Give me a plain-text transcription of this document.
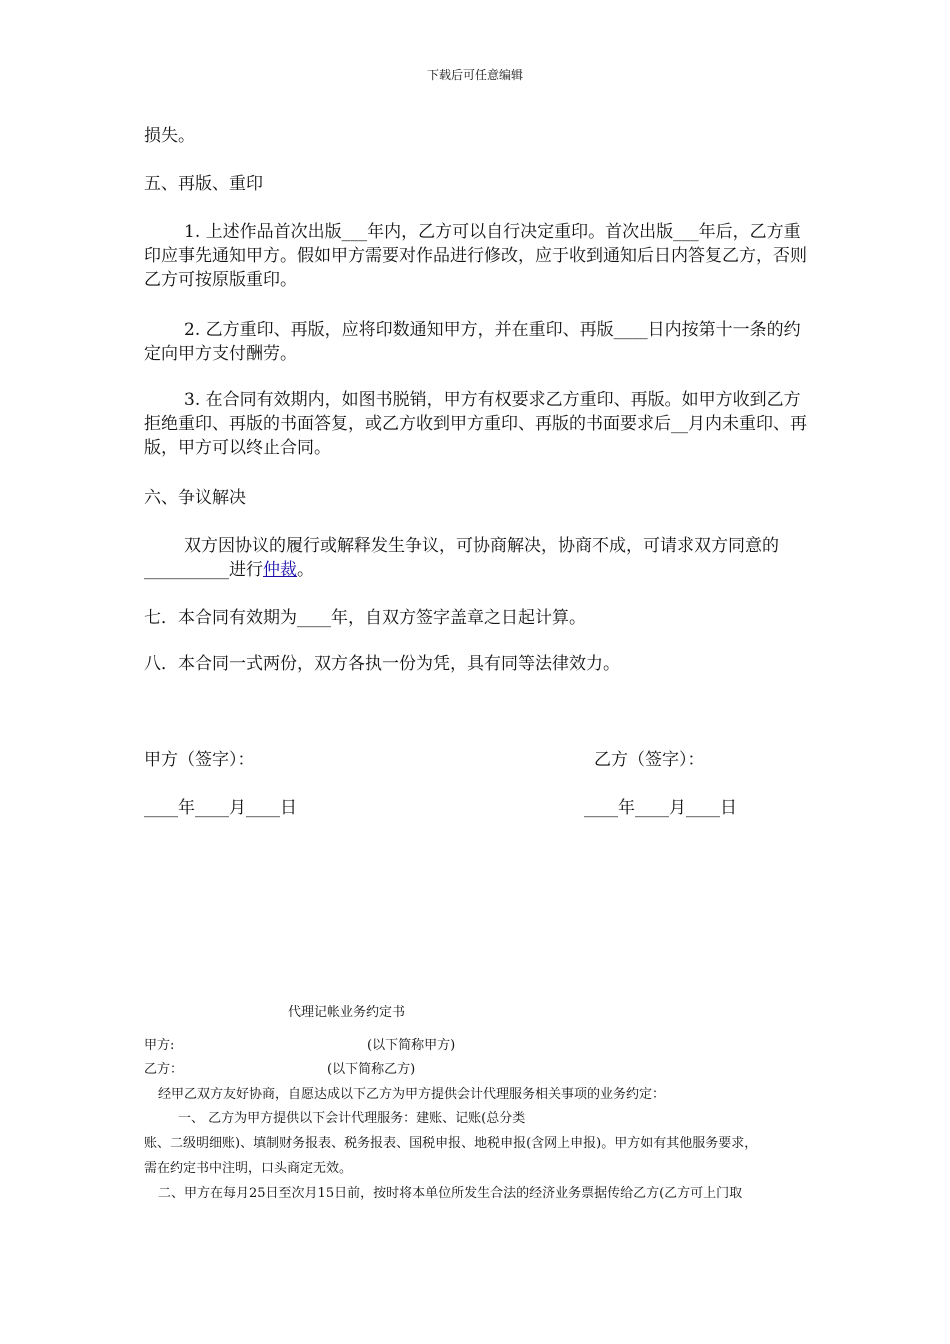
下载后可任意编辑

损失。

五、再版、重印

1. 上述作品首次出版___年内，乙方可以自行决定重印。首次出版___年后，乙方重印应事先通知甲方。假如甲方需要对作品进行修改，应于收到通知后日内答复乙方，否则乙方可按原版重印。

2. 乙方重印、再版，应将印数通知甲方，并在重印、再版____日内按第十一条的约定向甲方支付酬劳。

3. 在合同有效期内，如图书脱销，甲方有权要求乙方重印、再版。如甲方收到乙方拒绝重印、再版的书面答复，或乙方收到甲方重印、再版的书面要求后__月内未重印、再版，甲方可以终止合同。

六、争议解决

双方因协议的履行或解释发生争议，可协商解决，协商不成，可请求双方同意的__________进行仲裁。

七．本合同有效期为____年，自双方签字盖章之日起计算。

八．本合同一式两份，双方各执一份为凭，具有同等法律效力。

甲方（签字）：	乙方（签字）：

____年____月____日	____年____月____日

代理记帐业务约定书
甲方:	(以下简称甲方)
乙方：	(以下简称乙方)
经甲乙双方友好协商，自愿达成以下乙方为甲方提供会计代理服务相关事项的业务约定：
一、 乙方为甲方提供以下会计代理服务：建账、记账(总分类
账、二级明细账)、填制财务报表、税务报表、国税申报、地税申报(含网上申报)。甲方如有其他服务要求，
需在约定书中注明，口头商定无效。
二、甲方在每月25日至次月15日前，按时将本单位所发生合法的经济业务票据传给乙方(乙方可上门取
